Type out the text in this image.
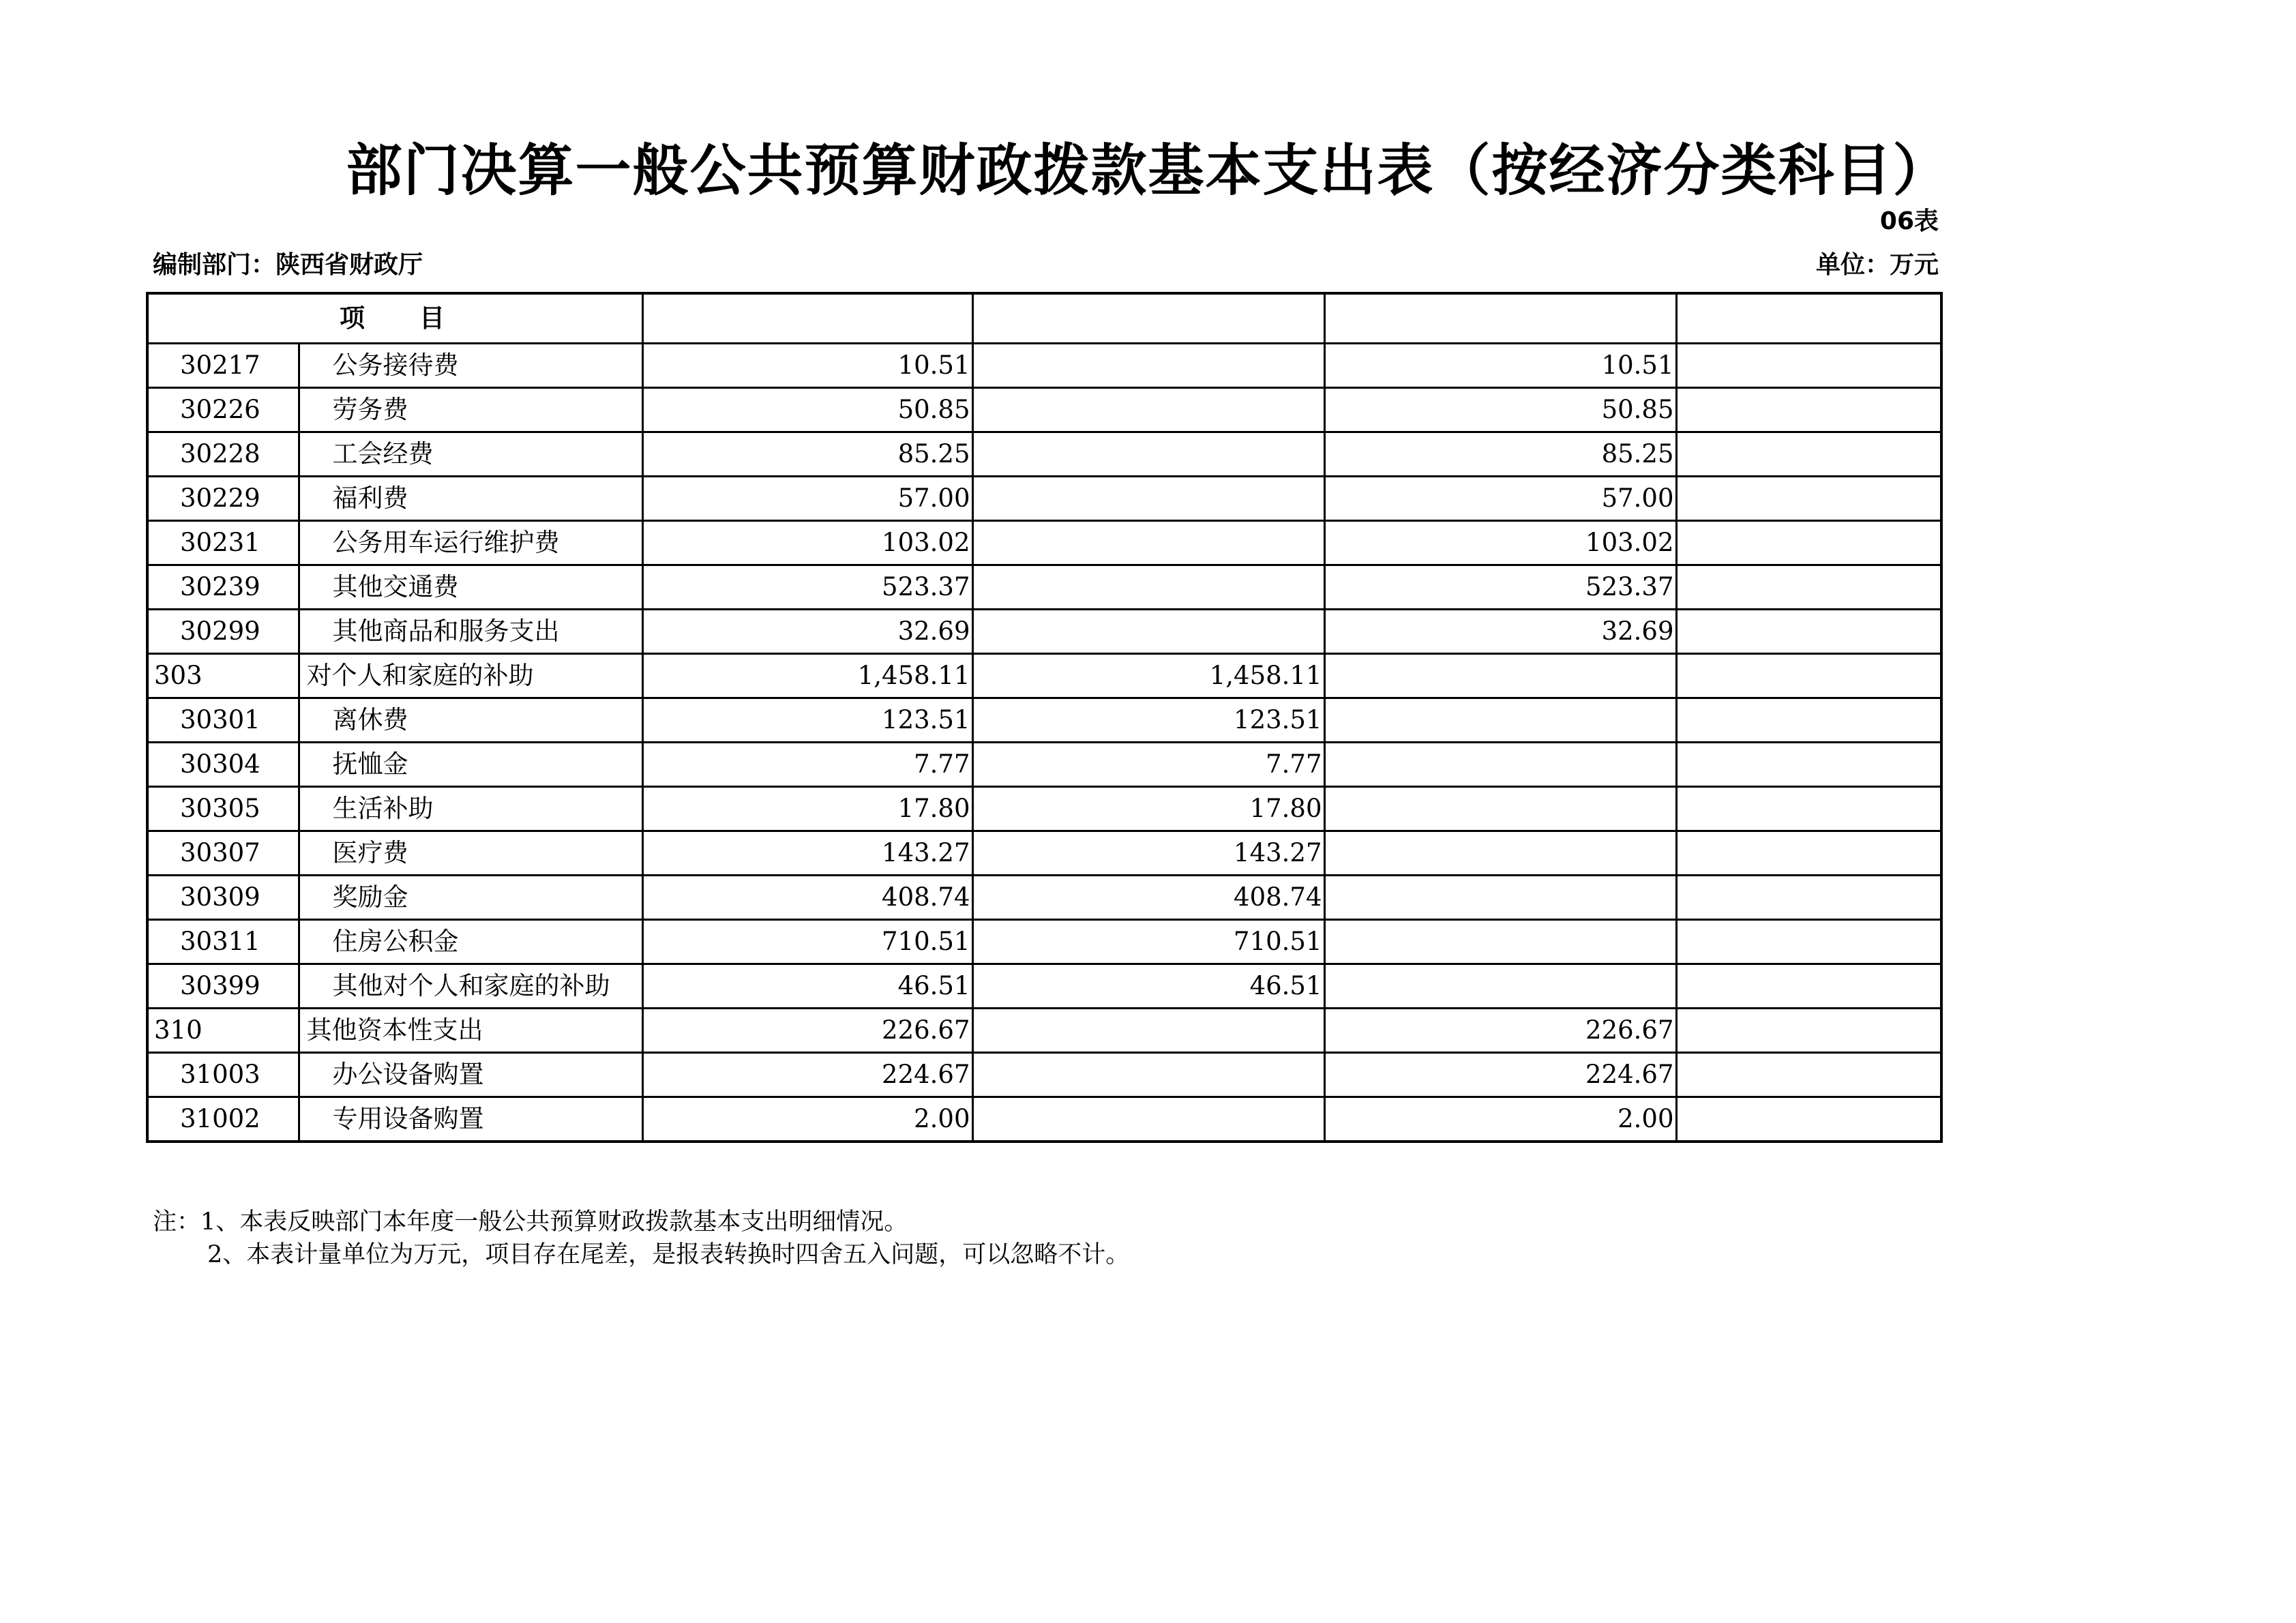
部门决算一般公共预算财政拨款基本支出表（按经济分类科目）
06表
编制部门：陕西省财政厅	单位：万元
项　　目					
30217	公务接待费	10.51		10.51	
30226	劳务费	50.85		50.85	
30228	工会经费	85.25		85.25	
30229	福利费	57.00		57.00	
30231	公务用车运行维护费	103.02		103.02	
30239	其他交通费	523.37		523.37	
30299	其他商品和服务支出	32.69		32.69	
303	对个人和家庭的补助	1,458.11	1,458.11		
30301	离休费	123.51	123.51		
30304	抚恤金	7.77	7.77		
30305	生活补助	17.80	17.80		
30307	医疗费	143.27	143.27		
30309	奖励金	408.74	408.74		
30311	住房公积金	710.51	710.51		
30399	其他对个人和家庭的补助	46.51	46.51		
310	其他资本性支出	226.67		226.67	
31003	办公设备购置	224.67		224.67	
31002	专用设备购置	2.00		2.00	
注：1、本表反映部门本年度一般公共预算财政拨款基本支出明细情况。
2、本表计量单位为万元，项目存在尾差，是报表转换时四舍五入问题，可以忽略不计。
